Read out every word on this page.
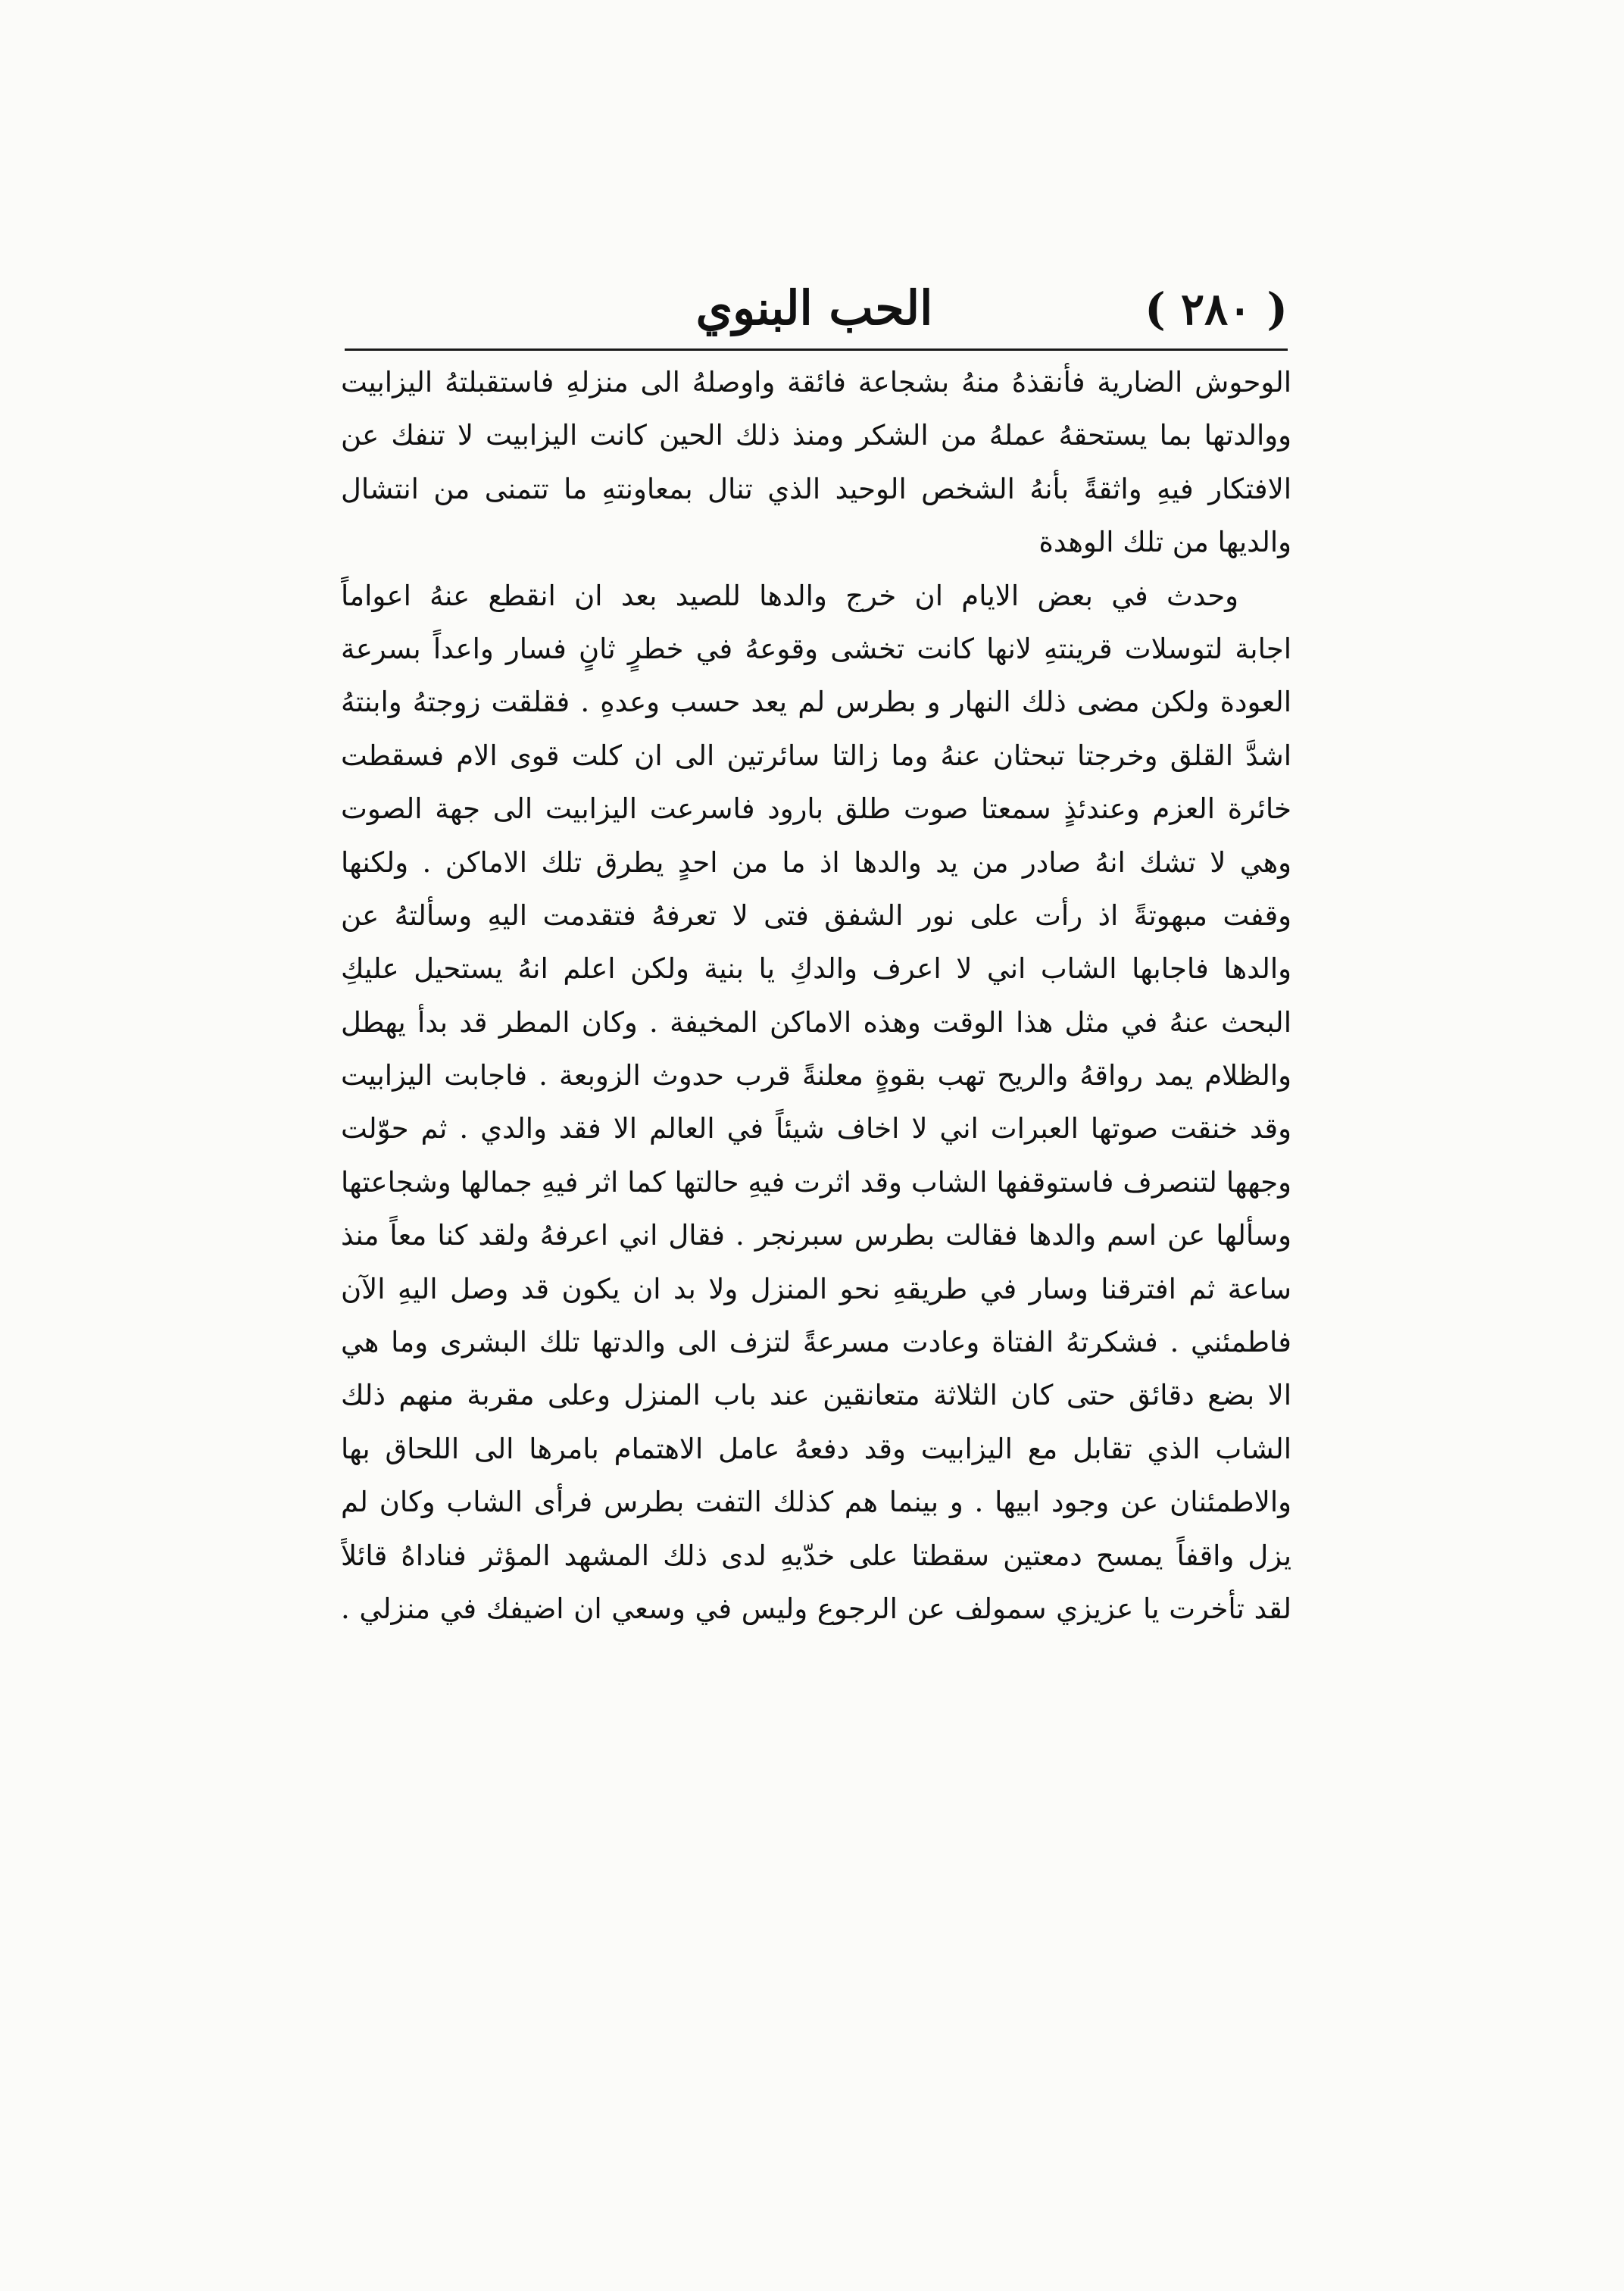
( ٢٨٠ )
الحب البنوي
الوحوش الضارية فأنقذهُ منهُ بشجاعة فائقة واوصلهُ الى منزلهِ فاستقبلتهُ اليزابيت
ووالدتها بما يستحقهُ عملهُ من الشكر ومنذ ذلك الحين كانت اليزابيت لا تنفك عن
الافتكار فيهِ واثقةً بأنهُ الشخص الوحيد الذي تنال بمعاونتهِ ما تتمنى من انتشال
والديها من تلك الوهدة
وحدث في بعض الايام ان خرج والدها للصيد بعد ان انقطع عنهُ اعواماً
اجابة لتوسلات قرينتهِ لانها كانت تخشى وقوعهُ في خطرٍ ثانٍ فسار واعداً بسرعة
العودة ولكن مضى ذلك النهار و بطرس لم يعد حسب وعدهِ . فقلقت زوجتهُ وابنتهُ
اشدَّ القلق وخرجتا تبحثان عنهُ وما زالتا سائرتين الى ان كلت قوى الام فسقطت
خائرة العزم وعندئذٍ سمعتا صوت طلق بارود فاسرعت اليزابيت الى جهة الصوت
وهي لا تشك انهُ صادر من يد والدها اذ ما من احدٍ يطرق تلك الاماكن . ولكنها
وقفت مبهوتةً اذ رأت على نور الشفق فتى لا تعرفهُ فتقدمت اليهِ وسألتهُ عن
والدها فاجابها الشاب اني لا اعرف والدكِ يا بنية ولكن اعلم انهُ يستحيل عليكِ
البحث عنهُ في مثل هذا الوقت وهذه الاماكن المخيفة . وكان المطر قد بدأ يهطل
والظلام يمد رواقهُ والريح تهب بقوةٍ معلنةً قرب حدوث الزوبعة . فاجابت اليزابيت
وقد خنقت صوتها العبرات اني لا اخاف شيئاً في العالم الا فقد والدي . ثم حوّلت
وجهها لتنصرف فاستوقفها الشاب وقد اثرت فيهِ حالتها كما اثر فيهِ جمالها وشجاعتها
وسألها عن اسم والدها فقالت بطرس سبرنجر . فقال اني اعرفهُ ولقد كنا معاً منذ
ساعة ثم افترقنا وسار في طريقهِ نحو المنزل ولا بد ان يكون قد وصل اليهِ الآن
فاطمئني . فشكرتهُ الفتاة وعادت مسرعةً لتزف الى والدتها تلك البشرى وما هي
الا بضع دقائق حتى كان الثلاثة متعانقين عند باب المنزل وعلى مقربة منهم ذلك
الشاب الذي تقابل مع اليزابيت وقد دفعهُ عامل الاهتمام بامرها الى اللحاق بها
والاطمئنان عن وجود ابيها . و بينما هم كذلك التفت بطرس فرأى الشاب وكان لم
يزل واقفاً يمسح دمعتين سقطتا على خدّيهِ لدى ذلك المشهد المؤثر فناداهُ قائلاً
لقد تأخرت يا عزيزي سمولف عن الرجوع وليس في وسعي ان اضيفك في منزلي .
